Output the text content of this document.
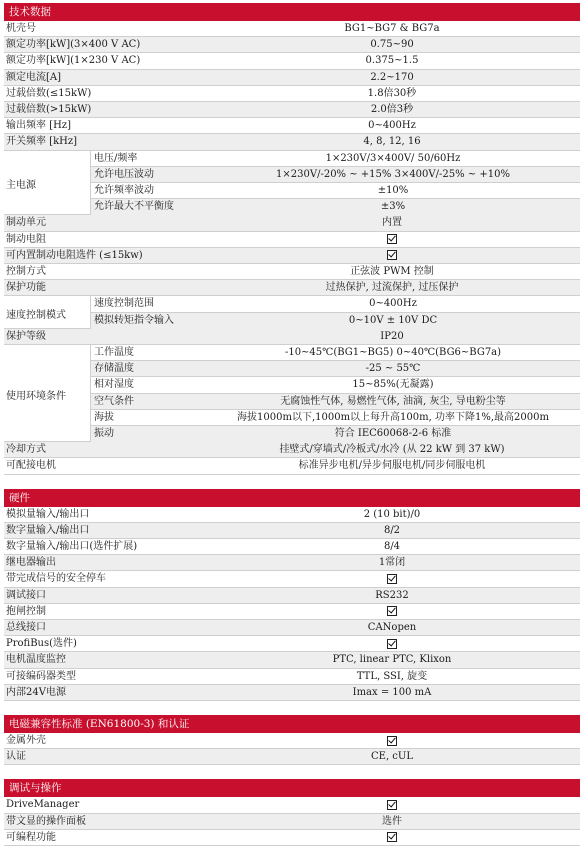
技术数据
机壳号	BG1~BG7 & BG7a
额定功率[kW](3×400 V AC)	0.75~90
额定功率[kW](1×230 V AC)	0.375~1.5
额定电流[A]	2.2~170
过载倍数(≤15kW)	1.8倍30秒
过载倍数(>15kW)	2.0倍3秒
输出频率 [Hz]	0~400Hz
开关频率 [kHz]	4, 8, 12, 16
主电源
电压/频率	1×230V/3×400V/ 50/60Hz
允许电压波动	1×230V/-20% ~ +15% 3×400V/-25% ~ +10%
允许频率波动	±10%
允许最大不平衡度	±3%
制动单元	内置
制动电阻
可内置制动电阻选件 (≤15kw)
控制方式	正弦波 PWM 控制
保护功能	过热保护, 过流保护, 过压保护
速度控制模式
速度控制范围	0~400Hz
模拟转矩指令输入	0~10V ± 10V DC
保护等级	IP20
使用环境条件
工作温度	-10~45℃(BG1~BG5) 0~40℃(BG6~BG7a)
存储温度	-25 ~ 55℃
相对湿度	15~85%(无凝露)
空气条件	无腐蚀性气体, 易燃性气体, 油滴, 灰尘, 导电粉尘等
海拔	海拔1000m以下,1000m以上每升高100m, 功率下降1%,最高2000m
振动	符合 IEC60068-2-6 标准
冷却方式	挂壁式/穿墙式/冷板式/水冷 (从 22 kW 到 37 kW)
可配接电机	标准异步电机/异步伺服电机/同步伺服电机
硬件
模拟量输入/输出口	2 (10 bit)/0
数字量输入/输出口	8/2
数字量输入/输出口(选件扩展)	8/4
继电器输出	1常闭
带完成信号的安全停车
调试接口	RS232
抱闸控制
总线接口	CANopen
ProfiBus(选件)
电机温度监控	PTC, linear PTC, Klixon
可接编码器类型	TTL, SSI, 旋变
内部24V电源	Imax = 100 mA
电磁兼容性标准 (EN61800-3) 和认证
金属外壳
认证	CE, cUL
调试与操作
DriveManager
带文显的操作面板	选件
可编程功能
